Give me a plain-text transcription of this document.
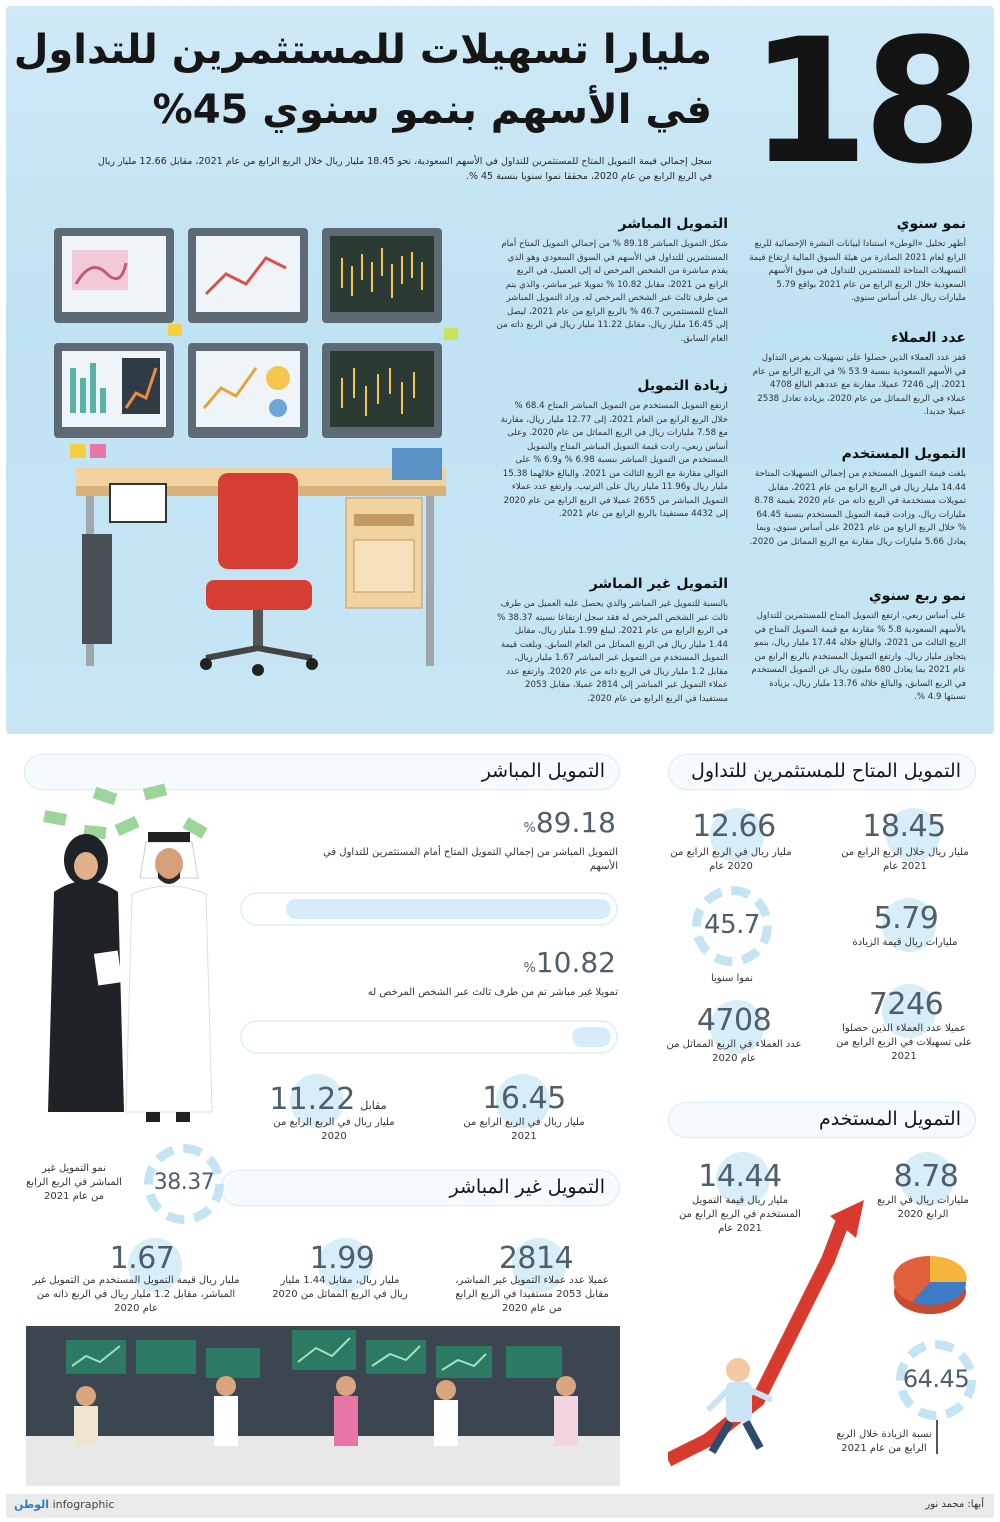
18
مليارا تسهيلات للمستثمرين للتداول
في الأسهم بنمو سنوي 45%
سجل إجمالي قيمة التمويل المتاح للمستثمرين للتداول في الأسهم السعودية، نحو 18.45 مليار ريال خلال الربع الرابع من عام 2021، مقابل 12.66 مليار ريال في الربع الرابع من عام 2020، محققا نموا سنويا بنسبة 45 %.
نمو سنوي
أظهر تحليل «الوطن» استنادا لبيانات النشرة الإحصائية للربع الرابع لعام 2021 الصادرة من هيئة السوق المالية ارتفاع قيمة التسهيلات المتاحة للمستثمرين للتداول في سوق الأسهم السعودية خلال الربع الرابع من عام 2021 بواقع 5.79 مليارات ريال على أساس سنوي.
عدد العملاء
قفز عدد العملاء الذين حصلوا على تسهيلات بغرض التداول في الأسهم السعودية بنسبة 53.9 % في الربع الرابع من عام 2021، إلى 7246 عميلا، مقارنة مع عددهم البالغ 4708 عملاء في الربع المماثل من عام 2020، بزيادة تعادل 2538 عميلا جديدا.
التمويل المستخدم
بلغت قيمة التمويل المستخدم من إجمالي التسهيلات المتاحة 14.44 مليار ريال في الربع الرابع من عام 2021، مقابل تمويلات مستخدمة في الربع ذاته من عام 2020 بقيمة 8.78 مليارات ريال، وزادت قيمة التمويل المستخدم بنسبة 64.45 % خلال الربع الرابع من عام 2021 على أساس سنوي، وبما يعادل 5.66 مليارات ريال مقارنة مع الربع المماثل من 2020.
نمو ربع سنوي
على أساس ربعي، ارتفع التمويل المتاح للمستثمرين للتداول بالأسهم السعودية 5.8 % مقارنة مع قيمة التمويل المتاح في الربع الثالث من 2021، والبالغ خلاله 17.44 مليار ريال، بنمو يتجاوز مليار ريال. وارتفع التمويل المستخدم بالربع الرابع من عام 2021 بما يعادل 680 مليون ريال عن التمويل المستخدم في الربع السابق، والبالغ خلاله 13.76 مليار ريال، بزيادة نسبتها 4.9 %.
التمويل المباشر
شكل التمويل المباشر 89.18 % من إجمالي التمويل المتاح أمام المستثمرين للتداول في الأسهم في السوق السعودي وهو الذي يقدم مباشرة من الشخص المرخص له إلى العميل، في الربع الرابع من 2021، مقابل 10.82 % تمويلا غير مباشر، والذي يتم من طرف ثالث عبر الشخص المرخص له. وزاد التمويل المباشر المتاح للمستثمرين 46.7 % بالربع الرابع من عام 2021، ليصل إلى 16.45 مليار ريال، مقابل 11.22 مليار ريال في الربع ذاته من العام السابق.
زيادة التمويل
ارتفع التمويل المستخدم من التمويل المباشر المتاح 68.4 % خلال الربع الرابع من العام 2021، إلى 12.77 مليار ريال، مقارنة مع 7.58 مليارات ريال في الربع المماثل من عام 2020. وعلى أساس ربعي، زادت قيمة التمويل المباشر المتاح والتمويل المستخدم من التمويل المباشر بنسبة 6.98 % و6.9 % على التوالي مقارنة مع الربع الثالث من 2021، والبالغ خلالهما 15.38 مليار ريال و11.96 مليار ريال على الترتيب. وارتفع عدد عملاء التمويل المباشر من 2655 عميلا في الربع الرابع من عام 2020 إلى 4432 مستفيدا بالربع الرابع من عام 2021.
التمويل غير المباشر
بالنسبة للتمويل غير المباشر والذي يحصل عليه العميل من طرف ثالث عبر الشخص المرخص له فقد سجل ارتفاعا نسبته 38.37 % في الربع الرابع من عام 2021، ليبلغ 1.99 مليار ريال، مقابل 1.44 مليار ريال في الربع المماثل من العام السابق. وبلغت قيمة التمويل المستخدم من التمويل غير المباشر 1.67 مليار ريال، مقابل 1.2 مليار ريال في الربع ذاته من عام 2020. وارتفع عدد عملاء التمويل غير المباشر إلى 2814 عميلا، مقابل 2053 مستفيدا في الربع الرابع من عام 2020.
التمويل المتاح للمستثمرين للتداول
18.45
مليار ريال خلال الربع الرابع من 2021 عام
12.66
مليار ريال في الربع الرابع من 2020 عام
5.79
مليارات ريال قيمة الزيادة
45.7
نموا سنويا
7246
عميلا عدد العملاء الذين حصلوا على تسهيلات في الربع الرابع من 2021
4708
عدد العملاء في الربع المماثل من عام 2020
التمويل المستخدم
8.78
مليارات ريال في الربع الرابع 2020
14.44
مليار ريال قيمة التمويل المستخدم في الربع الرابع من 2021 عام
64.45
نسبة الزيادة خلال الربع الرابع من عام 2021
التمويل المباشر
%89.18
التمويل المباشر من إجمالي التمويل المتاح أمام المستثمرين للتداول في الأسهم
%10.82
تمويلا غير مباشر تم من طرف ثالث عبر الشخص المرخص له
16.45
مليار ريال في الربع الرابع من 2021
مقابل 11.22
مليار ريال في الربع الرابع من 2020
التمويل غير المباشر
38.37
نمو التمويل غير المباشر في الربع الرابع من عام 2021
2814
عميلا عدد عملاء التمويل غير المباشر، مقابل 2053 مستفيدا في الربع الرابع من عام 2020
1.99
مليار ريال، مقابل 1.44 مليار ريال في الربع المماثل من 2020
1.67
مليار ريال قيمة التمويل المستخدم من التمويل غير المباشر، مقابل 1.2 مليار ريال في الربع ذاته من عام 2020
الوطن infographic	أبها: محمد نور
